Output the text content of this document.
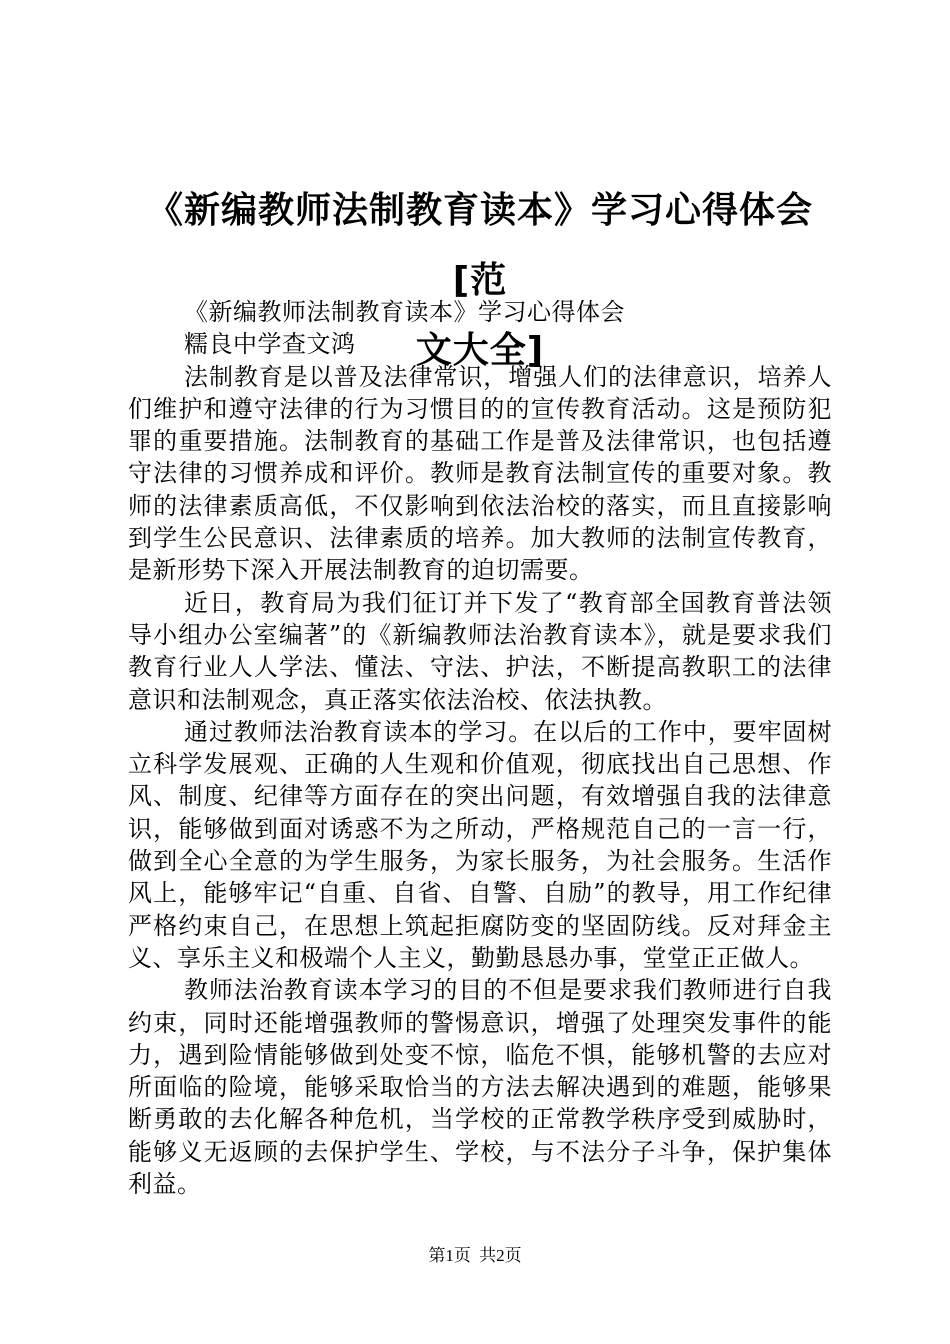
《新编教师法制教育读本》学习心得体会[范
文大全]

《新编教师法制教育读本》学习心得体会

糯良中学查文鸿

法制教育是以普及法律常识，增强人们的法律意识，培养人们维护和遵守法律的行为习惯目的的宣传教育活动。这是预防犯罪的重要措施。法制教育的基础工作是普及法律常识，也包括遵守法律的习惯养成和评价。教师是教育法制宣传的重要对象。教师的法律素质高低，不仅影响到依法治校的落实，而且直接影响到学生公民意识、法律素质的培养。加大教师的法制宣传教育，是新形势下深入开展法制教育的迫切需要。

近日，教育局为我们征订并下发了“教育部全国教育普法领导小组办公室编著”的《新编教师法治教育读本》，就是要求我们教育行业人人学法、懂法、守法、护法，不断提高教职工的法律意识和法制观念，真正落实依法治校、依法执教。

通过教师法治教育读本的学习。在以后的工作中，要牢固树立科学发展观、正确的人生观和价值观，彻底找出自己思想、作风、制度、纪律等方面存在的突出问题，有效增强自我的法律意识，能够做到面对诱惑不为之所动，严格规范自己的一言一行，做到全心全意的为学生服务，为家长服务，为社会服务。生活作风上，能够牢记“自重、自省、自警、自励”的教导，用工作纪律严格约束自己，在思想上筑起拒腐防变的坚固防线。反对拜金主义、享乐主义和极端个人主义，勤勤恳恳办事，堂堂正正做人。

教师法治教育读本学习的目的不但是要求我们教师进行自我约束，同时还能增强教师的警惕意识，增强了处理突发事件的能力，遇到险情能够做到处变不惊，临危不惧，能够机警的去应对所面临的险境，能够采取恰当的方法去解决遇到的难题，能够果断勇敢的去化解各种危机，当学校的正常教学秩序受到威胁时，能够义无返顾的去保护学生、学校，与不法分子斗争，保护集体利益。

第1页 共2页
